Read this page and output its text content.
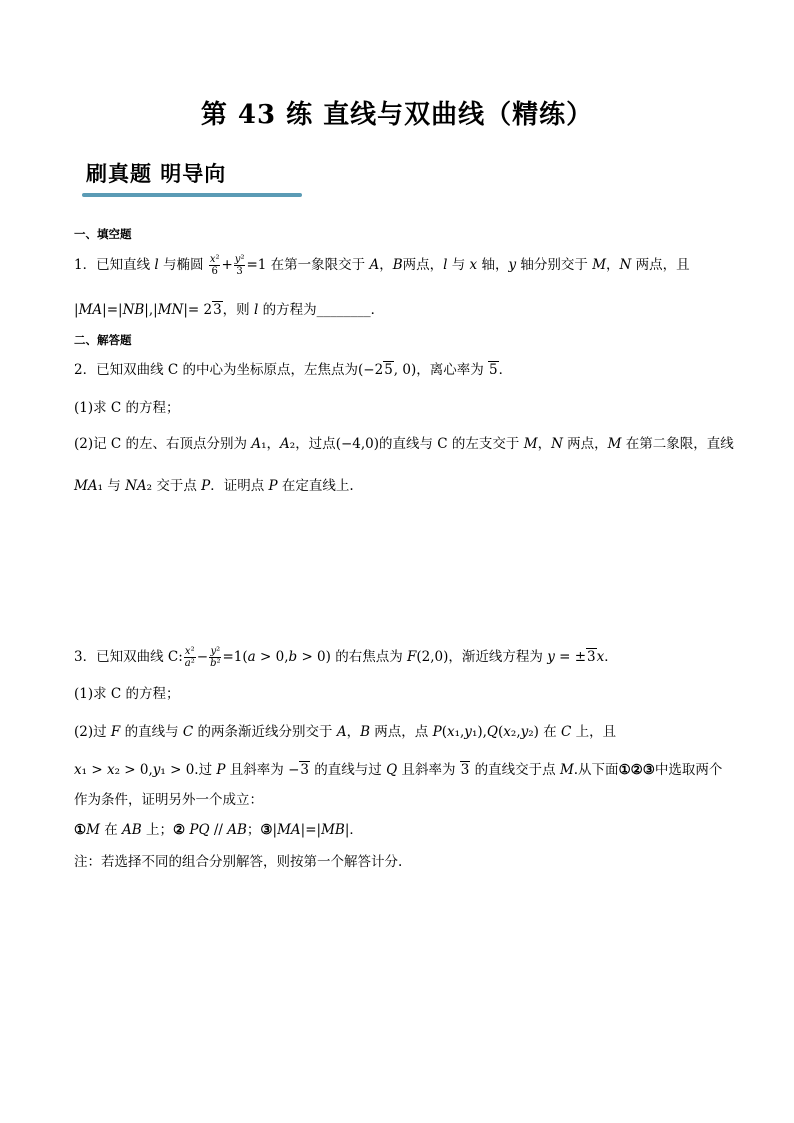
第 43 练 直线与双曲线（精练）
刷真题 明导向
一、填空题
1．已知直线 l 与椭圆 $\frac{\text{x²}}{6} + \frac{\text{y²}}{3} =1$ 在第一象限交于 A，B两点，l 与 x 轴，y 轴分别交于 M，N 两点，且
|MA|=|NB|,|MN|= 23，则 l 的方程为________．
二、解答题
2．已知双曲线 C 的中心为坐标原点，左焦点为(−25, 0)，离心率为 5．
(1)求 C 的方程；
(2)记 C 的左、右顶点分别为 A₁，A₂，过点(−4,0)的直线与 C 的左支交于 M，N 两点，M 在第二象限，直线
MA₁ 与 NA₂ 交于点 P．证明点 P 在定直线上.
3．已知双曲线 C: $\frac{\text{x²}}{\text{a²}} - \frac{\text{y²}}{\text{b²}} =1(a > 0,b > 0)$ 的右焦点为 F(2,0)，渐近线方程为 y = ±3x．
(1)求 C 的方程；
(2)过 F 的直线与 C 的两条渐近线分别交于 A，B 两点，点 P(x₁,y₁),Q(x₂,y₂) 在 C 上，且
x₁ > x₂ > 0,y₁ > 0.过 P 且斜率为 −3 的直线与过 Q 且斜率为 3 的直线交于点 M.从下面①②③中选取两个
作为条件，证明另外一个成立：
①M 在 AB 上；② PQ // AB；③|MA|=|MB|．
注：若选择不同的组合分别解答，则按第一个解答计分.
